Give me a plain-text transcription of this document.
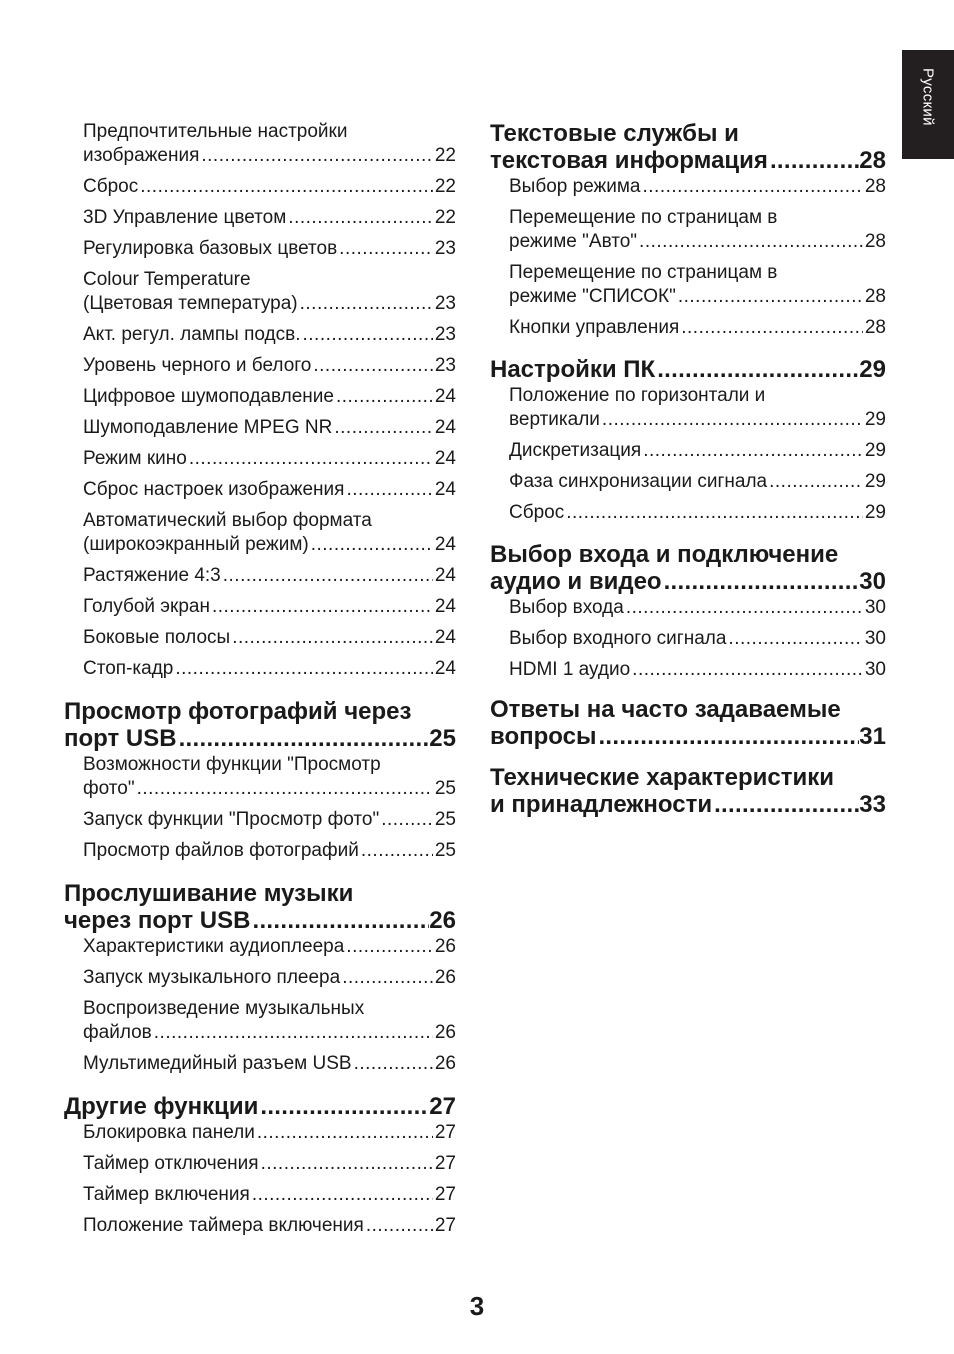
Русский
Предпочтительные настройки
изображения .....	22
Сброс .....	22
3D Управление цветом .....	22
Регулировка базовых цветов .....	23
Colour Temperature
(Цветовая температура) .....	23
Акт. регул. лампы подсв. .....	23
Уровень черного и белого .....	23
Цифровое шумоподавление .....	24
Шумоподавление MPEG NR .....	24
Режим кино .....	24
Сброс настроек изображения .....	24
Автоматический выбор формата
(широкоэкранный режим) .....	24
Растяжение 4:3 .....	24
Голубой экран .....	24
Боковые полосы .....	24
Стоп-кадр .....	24
Просмотр фотографий через
порт USB .....	25
Возможности функции "Просмотр
фото" .....	25
Запуск функции "Просмотр фото" .....	25
Просмотр файлов фотографий .....	25
Прослушивание музыки
через порт USB .....	26
Характеристики аудиоплеера .....	26
Запуск музыкального плеера .....	26
Воспроизведение музыкальных
файлов .....	26
Мультимедийный разъем USB .....	26
Другие функции .....	27
Блокировка панели .....	27
Таймер отключения .....	27
Таймер включения .....	27
Положение таймера включения .....	27
Текстовые службы и
текстовая информация .....	28
Выбор режима .....	28
Перемещение по страницам в
режиме "Авто" .....	28
Перемещение по страницам в
режиме "СПИСОК" .....	28
Кнопки управления .....	28
Настройки ПК .....	29
Положение по горизонтали и
вертикали .....	29
Дискретизация .....	29
Фаза синхронизации сигнала .....	29
Сброс .....	29
Выбор входа и подключение
аудио и видео .....	30
Выбор входа .....	30
Выбор входного сигнала .....	30
HDMI 1 аудио .....	30
Ответы на часто задаваемые
вопросы .....	31
Технические характеристики
и принадлежности .....	33
3
